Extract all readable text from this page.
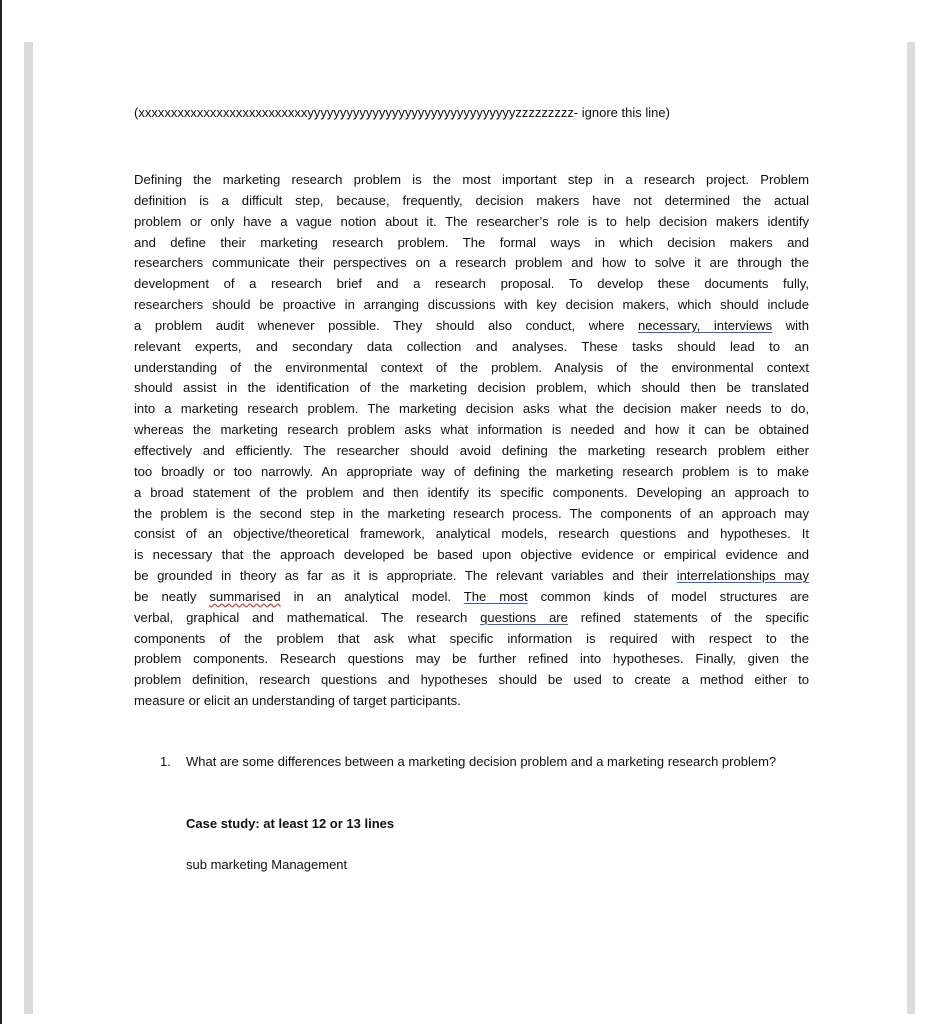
(xxxxxxxxxxxxxxxxxxxxxxxxxxyyyyyyyyyyyyyyyyyyyyyyyyyyyyyyyyzzzzzzzzz- ignore this line)
Defining the marketing research problem is the most important step in a research project. Problem
definition is a difficult step, because, frequently, decision makers have not determined the actual
problem or only have a vague notion about it. The researcher’s role is to help decision makers identify
and define their marketing research problem. The formal ways in which decision makers and
researchers communicate their perspectives on a research problem and how to solve it are through the
development of a research brief and a research proposal. To develop these documents fully,
researchers should be proactive in arranging discussions with key decision makers, which should include
a problem audit whenever possible. They should also conduct, where necessary, interviews with
relevant experts, and secondary data collection and analyses. These tasks should lead to an
understanding of the environmental context of the problem. Analysis of the environmental context
should assist in the identification of the marketing decision problem, which should then be translated
into a marketing research problem. The marketing decision asks what the decision maker needs to do,
whereas the marketing research problem asks what information is needed and how it can be obtained
effectively and efficiently. The researcher should avoid defining the marketing research problem either
too broadly or too narrowly. An appropriate way of defining the marketing research problem is to make
a broad statement of the problem and then identify its specific components. Developing an approach to
the problem is the second step in the marketing research process. The components of an approach may
consist of an objective/theoretical framework, analytical models, research questions and hypotheses. It
is necessary that the approach developed be based upon objective evidence or empirical evidence and
be grounded in theory as far as it is appropriate. The relevant variables and their interrelationships may
be neatly summarised in an analytical model. The most common kinds of model structures are
verbal, graphical and mathematical. The research questions are refined statements of the specific
components of the problem that ask what specific information is required with respect to the
problem components. Research questions may be further refined into hypotheses. Finally, given the
problem definition, research questions and hypotheses should be used to create a method either to
measure or elicit an understanding of target participants.
1. What are some differences between a marketing decision problem and a marketing research problem?
Case study: at least 12 or 13 lines
sub marketing Management
